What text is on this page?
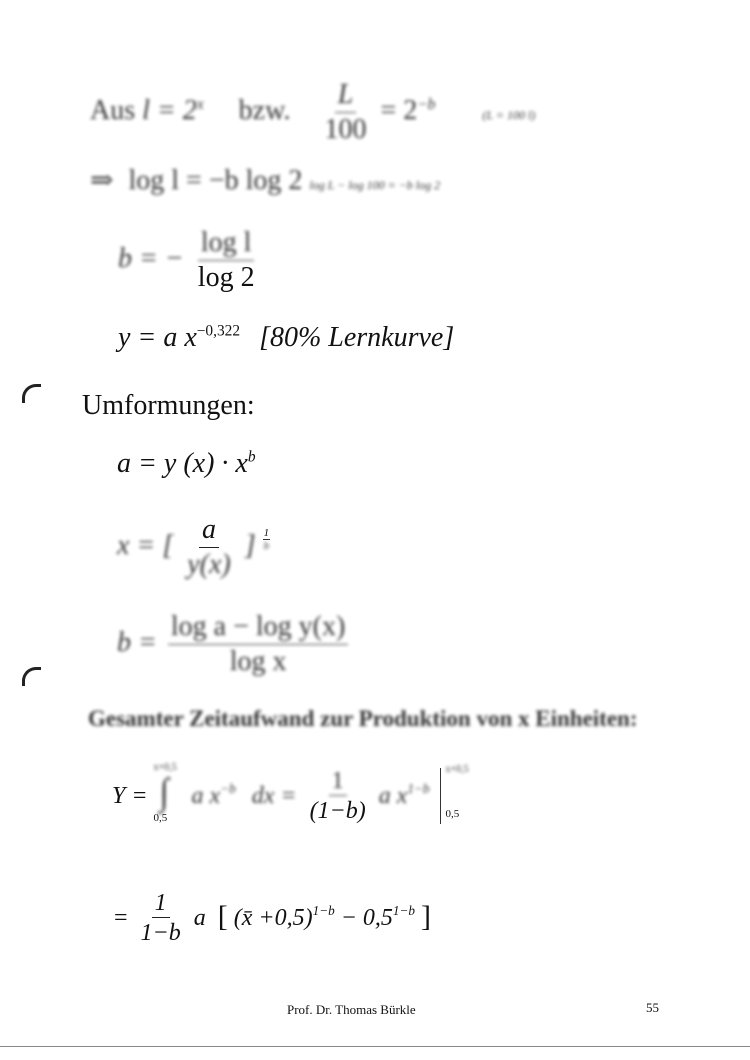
Aus $l = 2^x$ bzw. $\frac{L}{100} = 2^{-b}$ (L = 100 l)
⇒ log l = −b log 2 log L − log 100 = −b log 2
b = − $\frac{\text{log l}}{\log 2}$
y = a $x^{-0,322}$ [80% Lernkurve]
Umformungen:
a = y $(x) \cdot x^b$
x = [ $\frac{a}{y(x)}$ ] $\frac{1}{b}$
$b = \frac{\text{log a − log y(x)}}{\text{log x}}$
Gesamter Zeitaufwand zur Produktion von x Einheiten:
Y =
x+0,5
∫
0,5
a $x^{-b}$ dx = $\frac{1}{(1-b)}$ a $x^{1-b}$
x+0,5
0,5
= $\frac{1}{1-b}$ a [ (x̄ $+0,5)^{1-b} - 0,5^{1-b}$ ]
Prof. Dr. Thomas Bürkle	55
